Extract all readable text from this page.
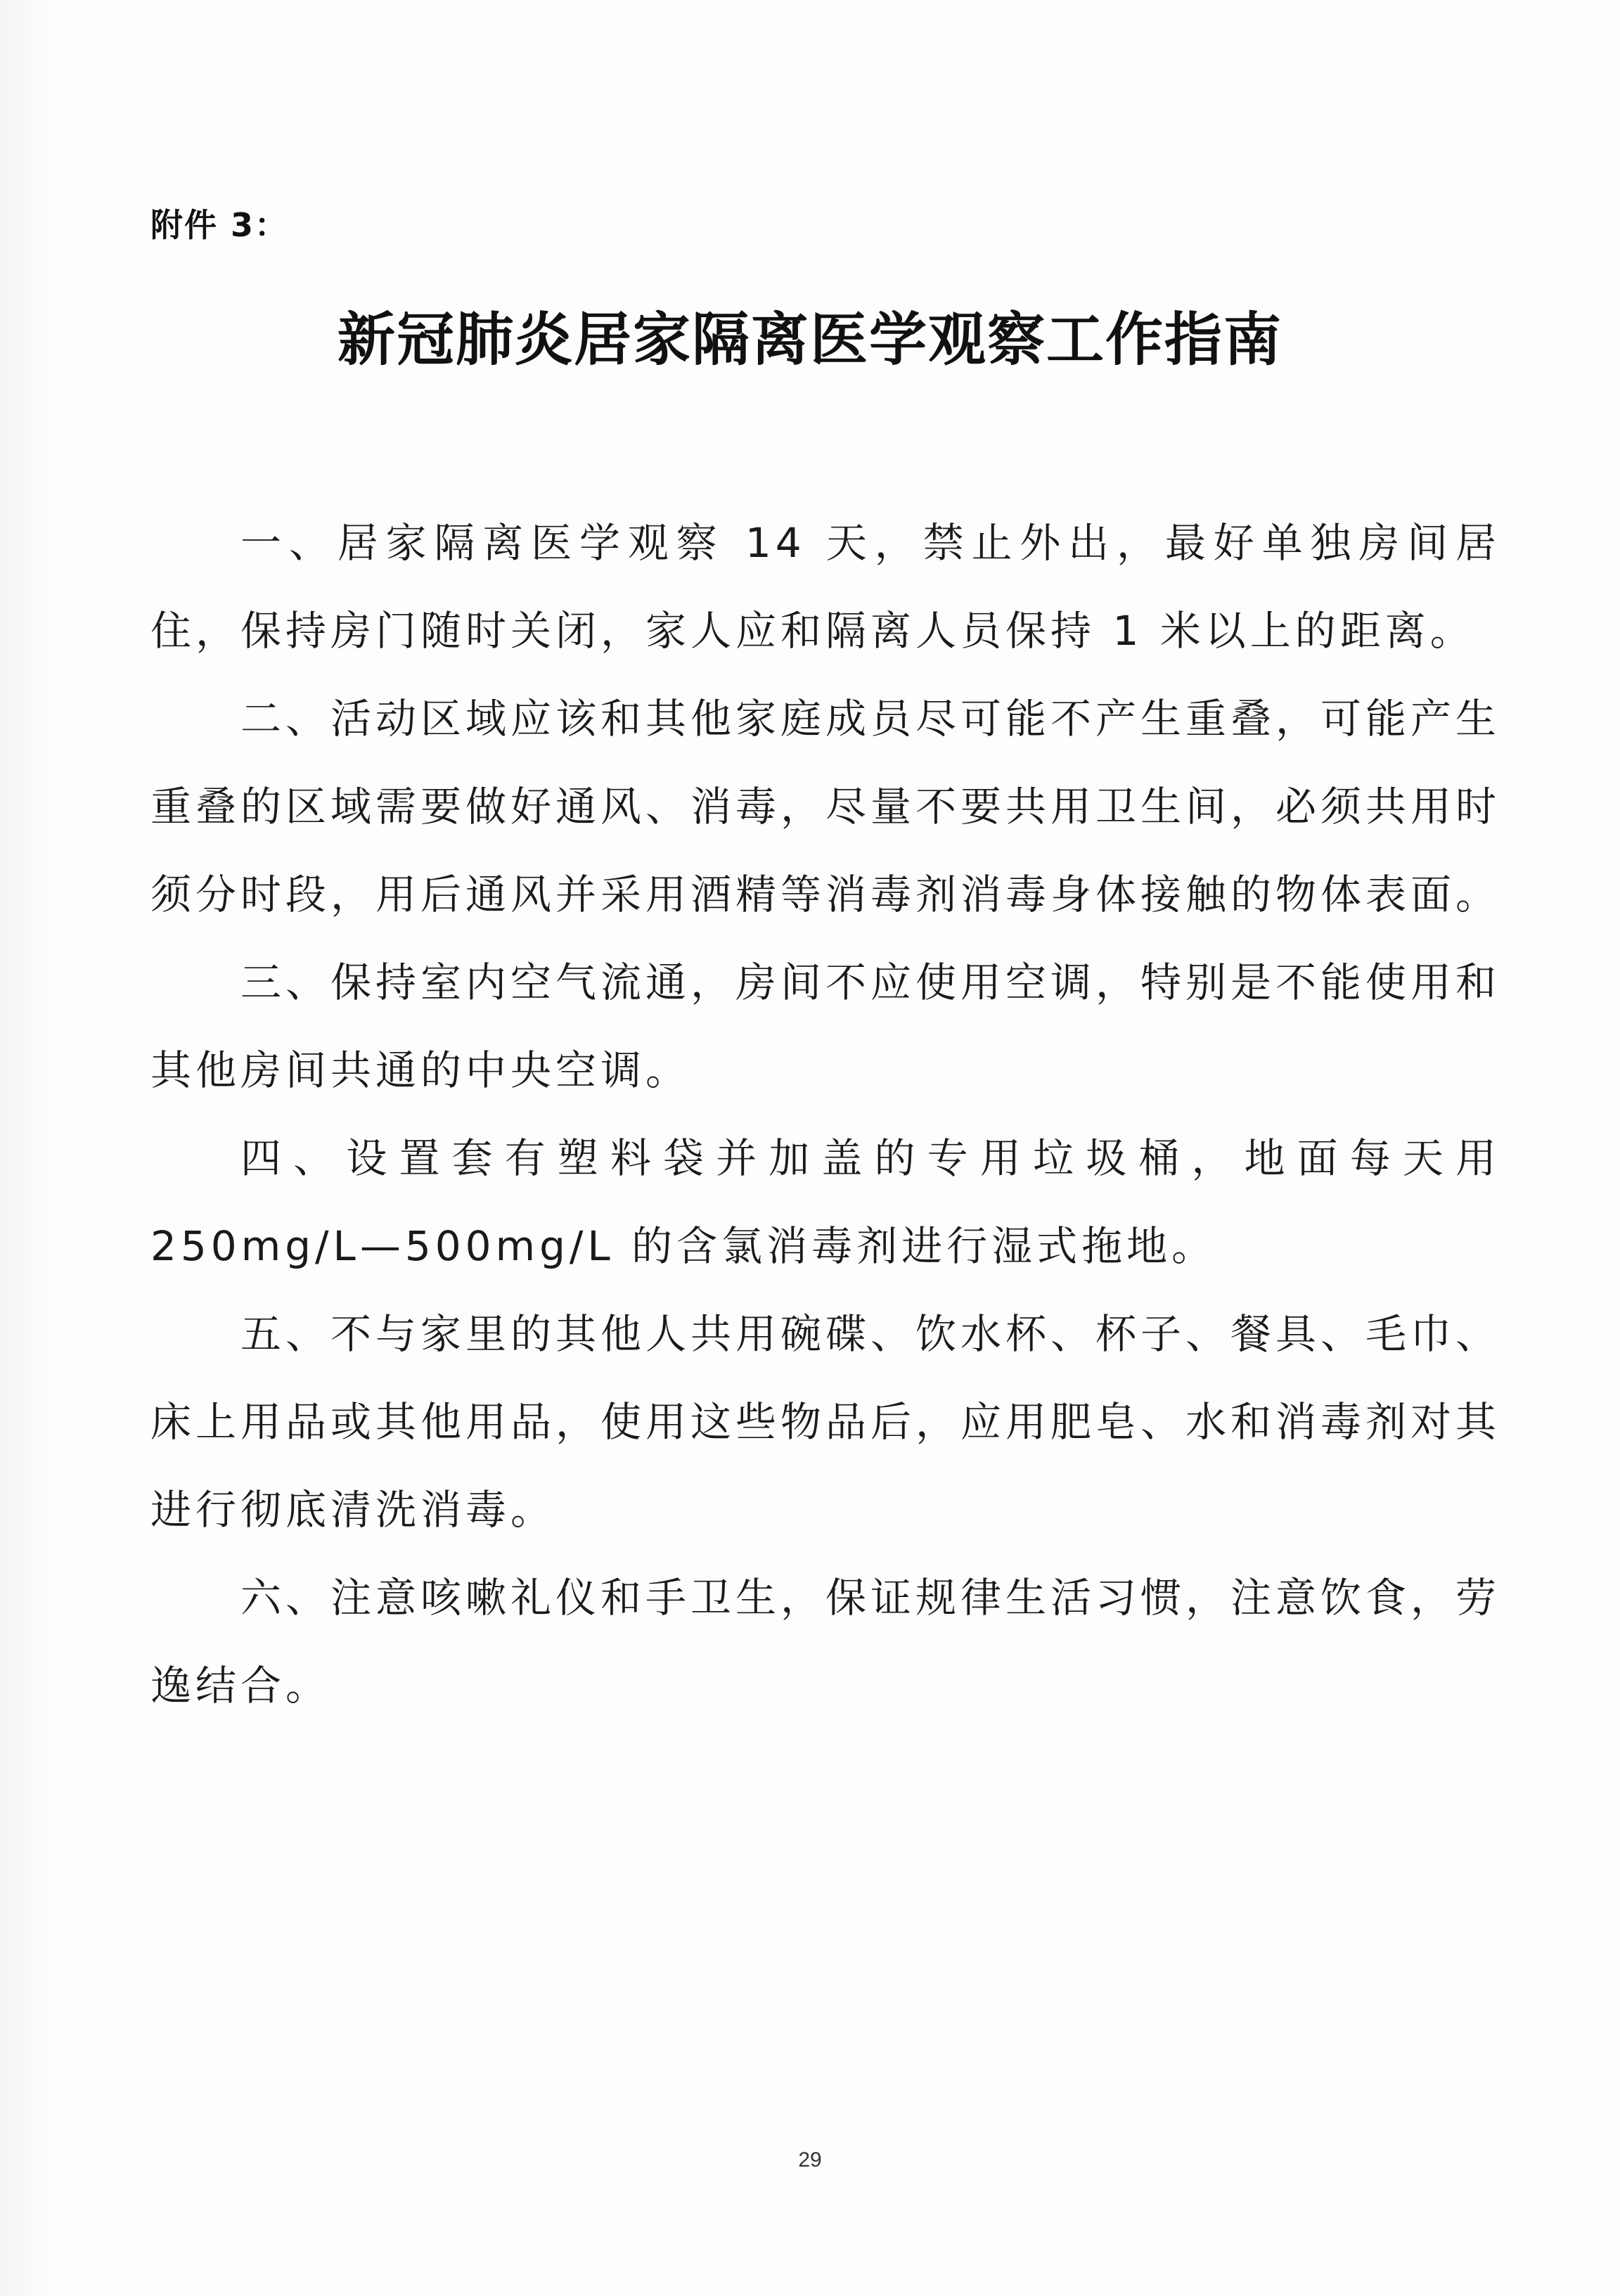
附件 3：
新冠肺炎居家隔离医学观察工作指南

一、居家隔离医学观察 14 天，禁止外出，最好单独房间居住，保持房门随时关闭，家人应和隔离人员保持 1 米以上的距离。

二、活动区域应该和其他家庭成员尽可能不产生重叠，可能产生重叠的区域需要做好通风、消毒，尽量不要共用卫生间，必须共用时须分时段，用后通风并采用酒精等消毒剂消毒身体接触的物体表面。

三、保持室内空气流通，房间不应使用空调，特别是不能使用和其他房间共通的中央空调。

四、设置套有塑料袋并加盖的专用垃圾桶，地面每天用 250mg/L—500mg/L 的含氯消毒剂进行湿式拖地。

五、不与家里的其他人共用碗碟、饮水杯、杯子、餐具、毛巾、床上用品或其他用品，使用这些物品后，应用肥皂、水和消毒剂对其进行彻底清洗消毒。

六、注意咳嗽礼仪和手卫生，保证规律生活习惯，注意饮食，劳逸结合。

29
